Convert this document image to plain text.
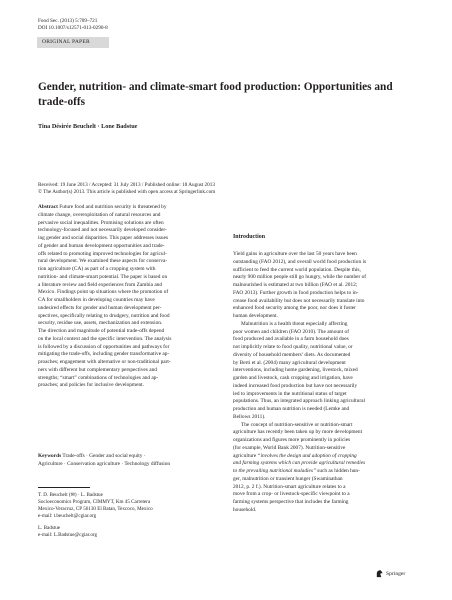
Food Sec. (2013) 5:709–721
DOI 10.1007/s12571-013-0290-8
ORIGINAL PAPER
Gender, nutrition- and climate-smart food production: Opportunities and trade-offs
Tina Désirée Beuchelt · Lone Badstue
Received: 19 June 2013 / Accepted: 31 July 2013 / Published online: 18 August 2013
© The Author(s) 2013. This article is published with open access at Springerlink.com
Abstract Future food and nutrition security is threatened by
climate change, overexploitation of natural resources and
pervasive social inequalities. Promising solutions are often
technology-focused and not necessarily developed consider-
ing gender and social disparities. This paper addresses issues
of gender and human development opportunities and trade-
offs related to promoting improved technologies for agricul-
tural development. We examined these aspects for conserva-
tion agriculture (CA) as part of a cropping system with
nutrition- and climate-smart potential. The paper is based on
a literature review and field experiences from Zambia and
Mexico. Findings point up situations where the promotion of
CA for smallholders in developing countries may have
undesired effects for gender and human development per-
spectives, specifically relating to drudgery, nutrition and food
security, residue use, assets, mechanization and extension.
The direction and magnitude of potential trade-offs depend
on the local context and the specific intervention. The analysis
is followed by a discussion of opportunities and pathways for
mitigating the trade-offs, including gender transformative ap-
proaches; engagement with alternative or non-traditional part-
ners with different but complementary perspectives and
strengths; “smart” combinations of technologies and ap-
proaches; and policies for inclusive development.
Keywords Trade-offs · Gender and social equity ·
Agriculture · Conservation agriculture · Technology diffusion
T. D. Beuchelt (✉) · L. Badstue
Socioeconomics Program, CIMMYT, Km 45 Carretera
Mexico-Veracruz, CP 56130 El Batan, Texcoco, Mexico
e-mail: t.beuchelt@cgiar.org
L. Badstue
e-mail: L.Badstue@cgiar.org
Introduction
Yield gains in agriculture over the last 50 years have been
outstanding (FAO 2012), and overall world food production is
sufficient to feed the current world population. Despite this,
nearly 900 million people still go hungry, while the number of
malnourished is estimated at two billion (FAO et al. 2012;
FAO 2013). Further growth in food production helps to in-
crease food availability but does not necessarily translate into
enhanced food security among the poor, nor does it foster
human development.
Malnutrition is a health threat especially affecting
poor women and children (FAO 2010). The amount of
food produced and available in a farm household does
not implicitly relate to food quality, nutritional value, or
diversity of household members’ diets. As documented
by Berti et al. (2004) many agricultural development
interventions, including home gardening, livestock, mixed
garden and livestock, cash cropping and irrigation, have
indeed increased food production but have not necessarily
led to improvements in the nutritional status of target
populations. Thus, an integrated approach linking agricultural
production and human nutrition is needed (Lemke and
Bellows 2011).
The concept of nutrition-sensitive or nutrition-smart
agriculture has recently been taken up by more development
organizations and figures more prominently in policies
(for example, World Bank 2007). Nutrition-sensitive
agriculture “involves the design and adoption of cropping
and farming systems which can provide agricultural remedies
to the prevailing nutritional maladies” such as hidden hun-
ger, malnutrition or transient hunger (Swaminathan
2012, p. 2 f.). Nutrition-smart agriculture relates to a
move from a crop- or livestock-specific viewpoint to a
farming systems perspective that includes the farming
household.
Springer
